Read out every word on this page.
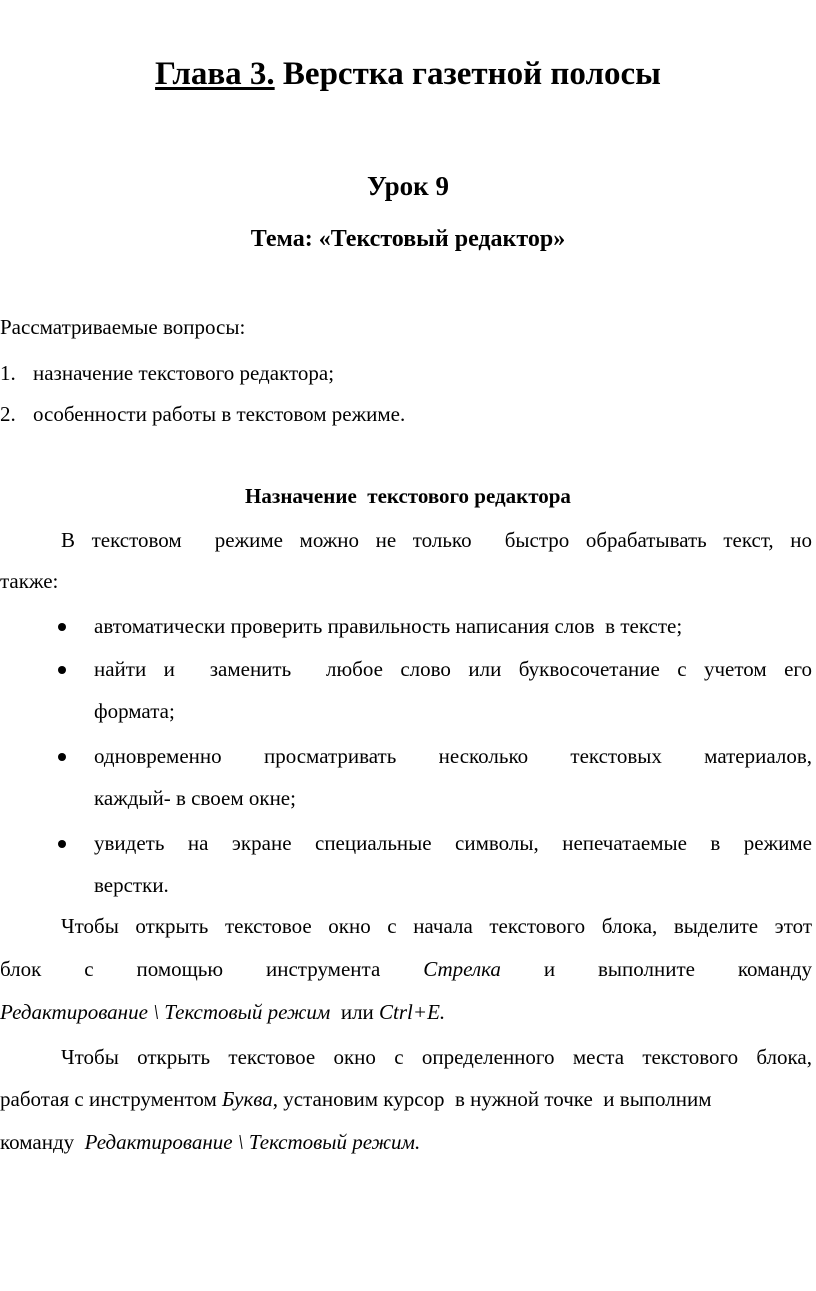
Глава 3. Верстка газетной полосы
Урок 9
Тема: «Текстовый редактор»
Рассматриваемые вопросы:
1. назначение текстового редактора;
2. особенности работы в текстовом режиме.
Назначение  текстового редактора
В текстовом  режиме можно не только  быстро обрабатывать текст, но
также:
автоматически проверить правильность написания слов  в тексте;
найти и  заменить  любое слово или буквосочетание с учетом его
формата;
одновременно просматривать несколько текстовых материалов,
каждый- в своем окне;
увидеть на экране специальные символы, непечатаемые в режиме
верстки.
Чтобы открыть текстовое окно с начала текстового блока, выделите этот
блок с помощью инструмента Стрелка и выполните команду
Редактирование \ Текстовый режим  или Ctrl+E.
Чтобы открыть текстовое окно с определенного места текстового блока,
работая с инструментом Буква, установим курсор  в нужной точке  и выполним
команду  Редактирование \ Текстовый режим.
